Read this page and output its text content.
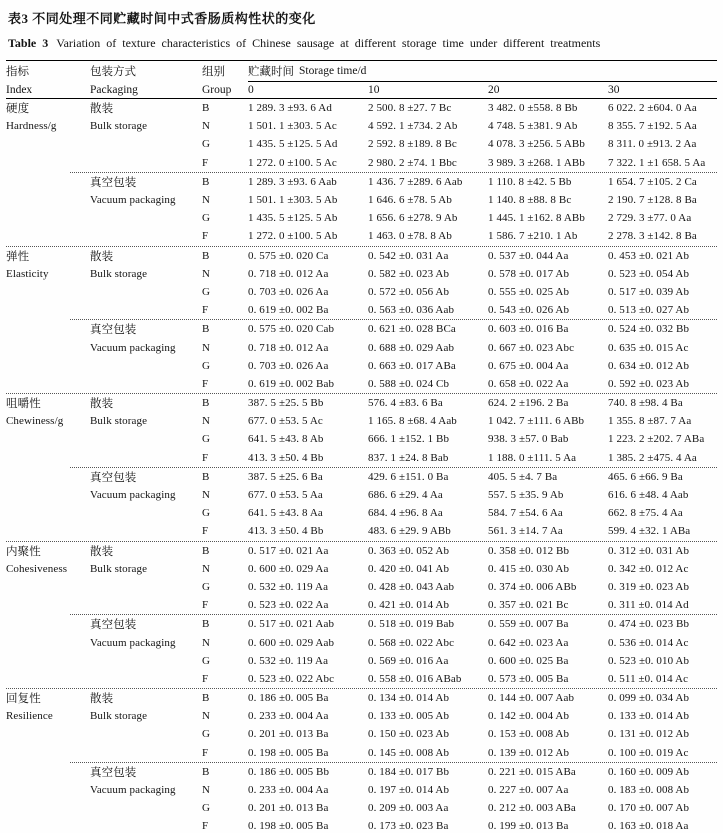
表3 不同处理不同贮藏时间中式香肠质构性状的变化
Table 3 Variation of texture characteristics of Chinese sausage at different storage time under different treatments
指标	包装方式	组别	贮藏时间 Storage time/d
Index	Packaging	Group	0	10	20	30
硬度	散装	B	1 289. 3 ±93. 6 Ad	2 500. 8 ±27. 7 Bc	3 482. 0 ±558. 8 Bb	6 022. 2 ±604. 0 Aa
Hardness/g	Bulk storage	N	1 501. 1 ±303. 5 Ac	4 592. 1 ±734. 2 Ab	4 748. 5 ±381. 9 Ab	8 355. 7 ±192. 5 Aa
G	1 435. 5 ±125. 5 Ad	2 592. 8 ±189. 8 Bc	4 078. 3 ±256. 5 ABb	8 311. 0 ±913. 2 Aa
F	1 272. 0 ±100. 5 Ac	2 980. 2 ±74. 1 Bbc	3 989. 3 ±268. 1 ABb	7 322. 1 ±1 658. 5 Aa
真空包装	B	1 289. 3 ±93. 6 Aab	1 436. 7 ±289. 6 Aab	1 110. 8 ±42. 5 Bb	1 654. 7 ±105. 2 Ca
Vacuum packaging	N	1 501. 1 ±303. 5 Ab	1 646. 6 ±78. 5 Ab	1 140. 8 ±88. 8 Bc	2 190. 7 ±128. 8 Ba
G	1 435. 5 ±125. 5 Ab	1 656. 6 ±278. 9 Ab	1 445. 1 ±162. 8 ABb	2 729. 3 ±77. 0 Aa
F	1 272. 0 ±100. 5 Ab	1 463. 0 ±78. 8 Ab	1 586. 7 ±210. 1 Ab	2 278. 3 ±142. 8 Ba
弹性	散装	B	0. 575 ±0. 020 Ca	0. 542 ±0. 031 Aa	0. 537 ±0. 044 Aa	0. 453 ±0. 021 Ab
Elasticity	Bulk storage	N	0. 718 ±0. 012 Aa	0. 582 ±0. 023 Ab	0. 578 ±0. 017 Ab	0. 523 ±0. 054 Ab
G	0. 703 ±0. 026 Aa	0. 572 ±0. 056 Ab	0. 555 ±0. 025 Ab	0. 517 ±0. 039 Ab
F	0. 619 ±0. 002 Ba	0. 563 ±0. 036 Aab	0. 543 ±0. 026 Ab	0. 513 ±0. 027 Ab
真空包装	B	0. 575 ±0. 020 Cab	0. 621 ±0. 028 BCa	0. 603 ±0. 016 Ba	0. 524 ±0. 032 Bb
Vacuum packaging	N	0. 718 ±0. 012 Aa	0. 688 ±0. 029 Aab	0. 667 ±0. 023 Abc	0. 635 ±0. 015 Ac
G	0. 703 ±0. 026 Aa	0. 663 ±0. 017 ABa	0. 675 ±0. 004 Aa	0. 634 ±0. 012 Ab
F	0. 619 ±0. 002 Bab	0. 588 ±0. 024 Cb	0. 658 ±0. 022 Aa	0. 592 ±0. 023 Ab
咀嚼性	散装	B	387. 5 ±25. 5 Bb	576. 4 ±83. 6 Ba	624. 2 ±196. 2 Ba	740. 8 ±98. 4 Ba
Chewiness/g	Bulk storage	N	677. 0 ±53. 5 Ac	1 165. 8 ±68. 4 Aab	1 042. 7 ±111. 6 ABb	1 355. 8 ±87. 7 Aa
G	641. 5 ±43. 8 Ab	666. 1 ±152. 1 Bb	938. 3 ±57. 0 Bab	1 223. 2 ±202. 7 ABa
F	413. 3 ±50. 4 Bb	837. 1 ±24. 8 Bab	1 188. 0 ±111. 5 Aa	1 385. 2 ±475. 4 Aa
真空包装	B	387. 5 ±25. 6 Ba	429. 6 ±151. 0 Ba	405. 5 ±4. 7 Ba	465. 6 ±66. 9 Ba
Vacuum packaging	N	677. 0 ±53. 5 Aa	686. 6 ±29. 4 Aa	557. 5 ±35. 9 Ab	616. 6 ±48. 4 Aab
G	641. 5 ±43. 8 Aa	684. 4 ±96. 8 Aa	584. 7 ±54. 6 Aa	662. 8 ±75. 4 Aa
F	413. 3 ±50. 4 Bb	483. 6 ±29. 9 ABb	561. 3 ±14. 7 Aa	599. 4 ±32. 1 ABa
内聚性	散装	B	0. 517 ±0. 021 Aa	0. 363 ±0. 052 Ab	0. 358 ±0. 012 Bb	0. 312 ±0. 031 Ab
Cohesiveness	Bulk storage	N	0. 600 ±0. 029 Aa	0. 420 ±0. 041 Ab	0. 415 ±0. 030 Ab	0. 342 ±0. 012 Ac
G	0. 532 ±0. 119 Aa	0. 428 ±0. 043 Aab	0. 374 ±0. 006 ABb	0. 319 ±0. 023 Ab
F	0. 523 ±0. 022 Aa	0. 421 ±0. 014 Ab	0. 357 ±0. 021 Bc	0. 311 ±0. 014 Ad
真空包装	B	0. 517 ±0. 021 Aab	0. 518 ±0. 019 Bab	0. 559 ±0. 007 Ba	0. 474 ±0. 023 Bb
Vacuum packaging	N	0. 600 ±0. 029 Aab	0. 568 ±0. 022 Abc	0. 642 ±0. 023 Aa	0. 536 ±0. 014 Ac
G	0. 532 ±0. 119 Aa	0. 569 ±0. 016 Aa	0. 600 ±0. 025 Ba	0. 523 ±0. 010 Ab
F	0. 523 ±0. 022 Abc	0. 558 ±0. 016 ABab	0. 573 ±0. 005 Ba	0. 511 ±0. 014 Ac
回复性	散装	B	0. 186 ±0. 005 Ba	0. 134 ±0. 014 Ab	0. 144 ±0. 007 Aab	0. 099 ±0. 034 Ab
Resilience	Bulk storage	N	0. 233 ±0. 004 Aa	0. 133 ±0. 005 Ab	0. 142 ±0. 004 Ab	0. 133 ±0. 014 Ab
G	0. 201 ±0. 013 Ba	0. 150 ±0. 023 Ab	0. 153 ±0. 008 Ab	0. 131 ±0. 012 Ab
F	0. 198 ±0. 005 Ba	0. 145 ±0. 008 Ab	0. 139 ±0. 012 Ab	0. 100 ±0. 019 Ac
真空包装	B	0. 186 ±0. 005 Bb	0. 184 ±0. 017 Bb	0. 221 ±0. 015 ABa	0. 160 ±0. 009 Ab
Vacuum packaging	N	0. 233 ±0. 004 Aa	0. 197 ±0. 014 Ab	0. 227 ±0. 007 Aa	0. 183 ±0. 008 Ab
G	0. 201 ±0. 013 Ba	0. 209 ±0. 003 Aa	0. 212 ±0. 003 ABa	0. 170 ±0. 007 Ab
F	0. 198 ±0. 005 Ba	0. 173 ±0. 023 Ba	0. 199 ±0. 013 Ba	0. 163 ±0. 018 Aa
